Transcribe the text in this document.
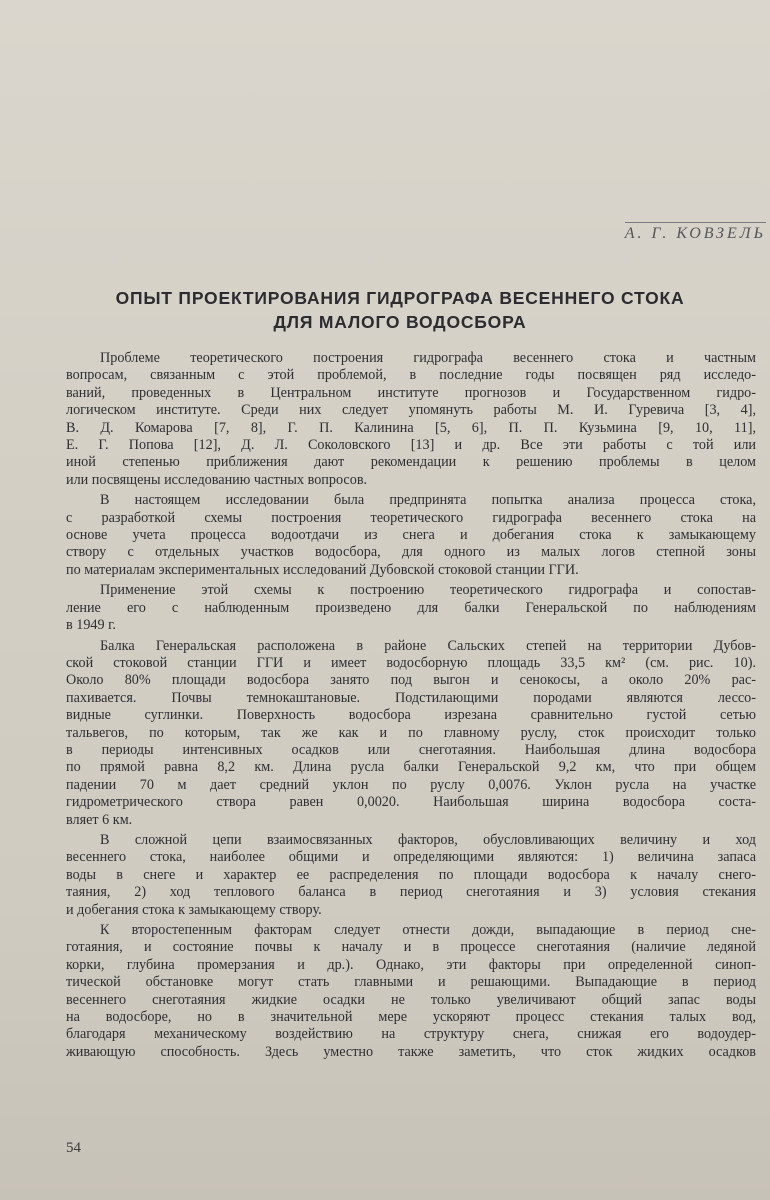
А. Г. КОВЗЕЛЬ
ОПЫТ ПРОЕКТИРОВАНИЯ ГИДРОГРАФА ВЕСЕННЕГО СТОКА
ДЛЯ МАЛОГО ВОДОСБОРА
Проблеме теоретического построения гидрографа весеннего стока и частным
вопросам, связанным с этой проблемой, в последние годы посвящен ряд исследо-
ваний, проведенных в Центральном институте прогнозов и Государственном гидро-
логическом институте. Среди них следует упомянуть работы М. И. Гуревича [3, 4],
В. Д. Комарова [7, 8], Г. П. Калинина [5, 6], П. П. Кузьмина [9, 10, 11],
Е. Г. Попова [12], Д. Л. Соколовского [13] и др. Все эти работы с той или
иной степенью приближения дают рекомендации к решению проблемы в целом
или посвящены исследованию частных вопросов.
В настоящем исследовании была предпринята попытка анализа процесса стока,
с разработкой схемы построения теоретического гидрографа весеннего стока на
основе учета процесса водоотдачи из снега и добегания стока к замыкающему
створу с отдельных участков водосбора, для одного из малых логов степной зоны
по материалам экспериментальных исследований Дубовской стоковой станции ГГИ.
Применение этой схемы к построению теоретического гидрографа и сопостав-
ление его с наблюденным произведено для балки Генеральской по наблюдениям
в 1949 г.
Балка Генеральская расположена в районе Сальских степей на территории Дубов-
ской стоковой станции ГГИ и имеет водосборную площадь 33,5 км² (см. рис. 10).
Около 80% площади водосбора занято под выгон и сенокосы, а около 20% рас-
пахивается. Почвы темнокаштановые. Подстилающими породами являются лессо-
видные суглинки. Поверхность водосбора изрезана сравнительно густой сетью
тальвегов, по которым, так же как и по главному руслу, сток происходит только
в периоды интенсивных осадков или снеготаяния. Наибольшая длина водосбора
по прямой равна 8,2 км. Длина русла балки Генеральской 9,2 км, что при общем
падении 70 м дает средний уклон по руслу 0,0076. Уклон русла на участке
гидрометрического створа равен 0,0020. Наибольшая ширина водосбора соста-
вляет 6 км.
В сложной цепи взаимосвязанных факторов, обусловливающих величину и ход
весеннего стока, наиболее общими и определяющими являются: 1) величина запаса
воды в снеге и характер ее распределения по площади водосбора к началу снего-
таяния, 2) ход теплового баланса в период снеготаяния и 3) условия стекания
и добегания стока к замыкающему створу.
К второстепенным факторам следует отнести дожди, выпадающие в период сне-
готаяния, и состояние почвы к началу и в процессе снеготаяния (наличие ледяной
корки, глубина промерзания и др.). Однако, эти факторы при определенной синоп-
тической обстановке могут стать главными и решающими. Выпадающие в период
весеннего снеготаяния жидкие осадки не только увеличивают общий запас воды
на водосборе, но в значительной мере ускоряют процесс стекания талых вод,
благодаря механическому воздействию на структуру снега, снижая его водоудер-
живающую способность. Здесь уместно также заметить, что сток жидких осадков
54
